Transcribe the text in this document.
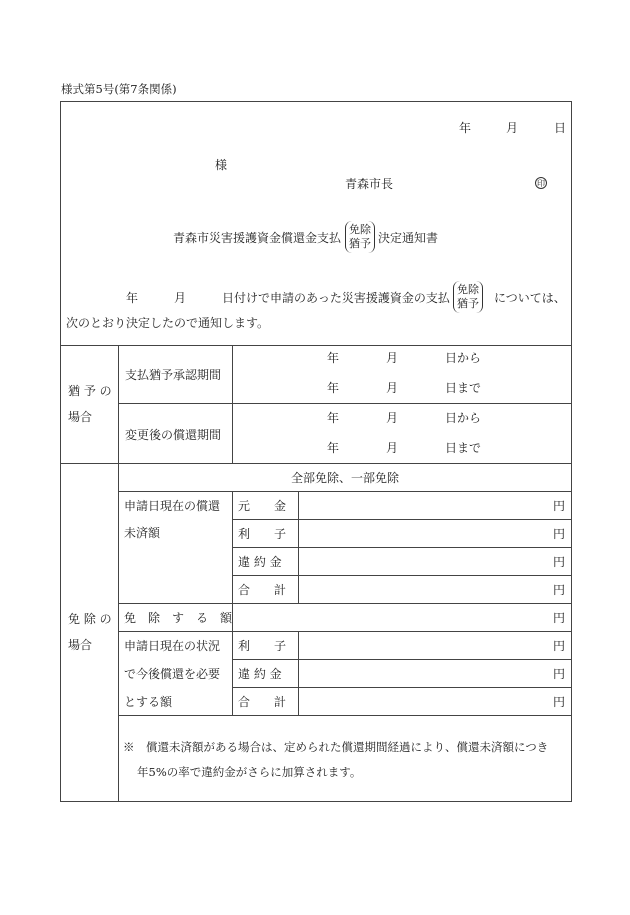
様式第5号(第7条関係)
年	月	日
様
青森市長	印
青森市災害援護資金償還金支払
免除
猶予 決定通知書
年	月	日付けで申請のあった災害援護資金の支払
免除
猶予 については、
次のとおり決定したので通知します。
猶 予 の
場合
支払猶予承認期間
年	月	日から
年	月	日まで
変更後の償還期間
年	月	日から
年	月	日まで
免 除 の
場合
全部免除、一部免除
申請日現在の償還
未済額
元　　金	円
利　　子	円
違 約 金	円
合　　計	円
免　除　す　る　額	円
申請日現在の状況
で今後償還を必要
とする額
利　　子	円
違 約 金	円
合　　計	円
※　償還未済額がある場合は、定められた償還期間経過により、償還未済額につき
年5%の率で違約金がさらに加算されます。
